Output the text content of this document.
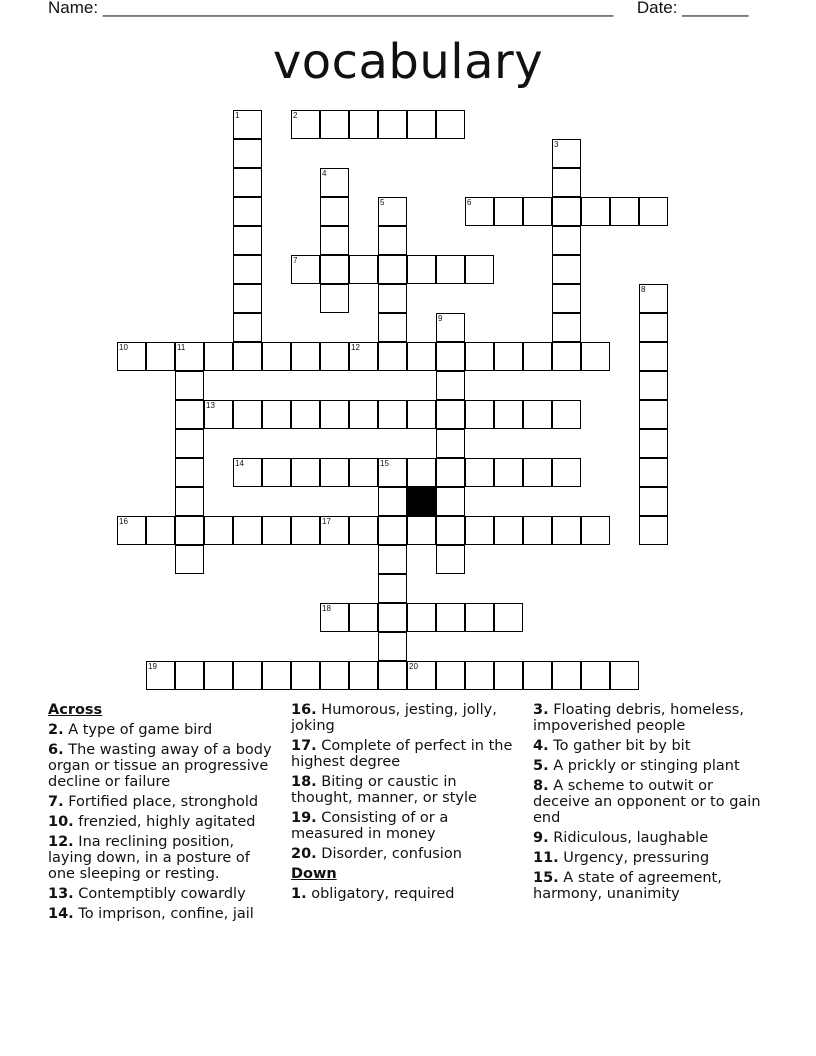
Name: ______________________________________________________ Date: _______
vocabulary
1	2
3
4
5	6
7
8
9
10	11	12
13
14	15
16	17
18
19	20
Across
2. A type of game bird
6. The wasting away of a body organ or tissue an progressive decline or failure
7. Fortified place, stronghold
10. frenzied, highly agitated
12. Ina reclining position, laying down, in a posture of one sleeping or resting.
13. Contemptibly cowardly
14. To imprison, confine, jail
16. Humorous, jesting, jolly, joking
17. Complete of perfect in the highest degree
18. Biting or caustic in thought, manner, or style
19. Consisting of or a measured in money
20. Disorder, confusion
Down
1. obligatory, required
3. Floating debris, homeless, impoverished people
4. To gather bit by bit
5. A prickly or stinging plant
8. A scheme to outwit or deceive an opponent or to gain end
9. Ridiculous, laughable
11. Urgency, pressuring
15. A state of agreement, harmony, unanimity
